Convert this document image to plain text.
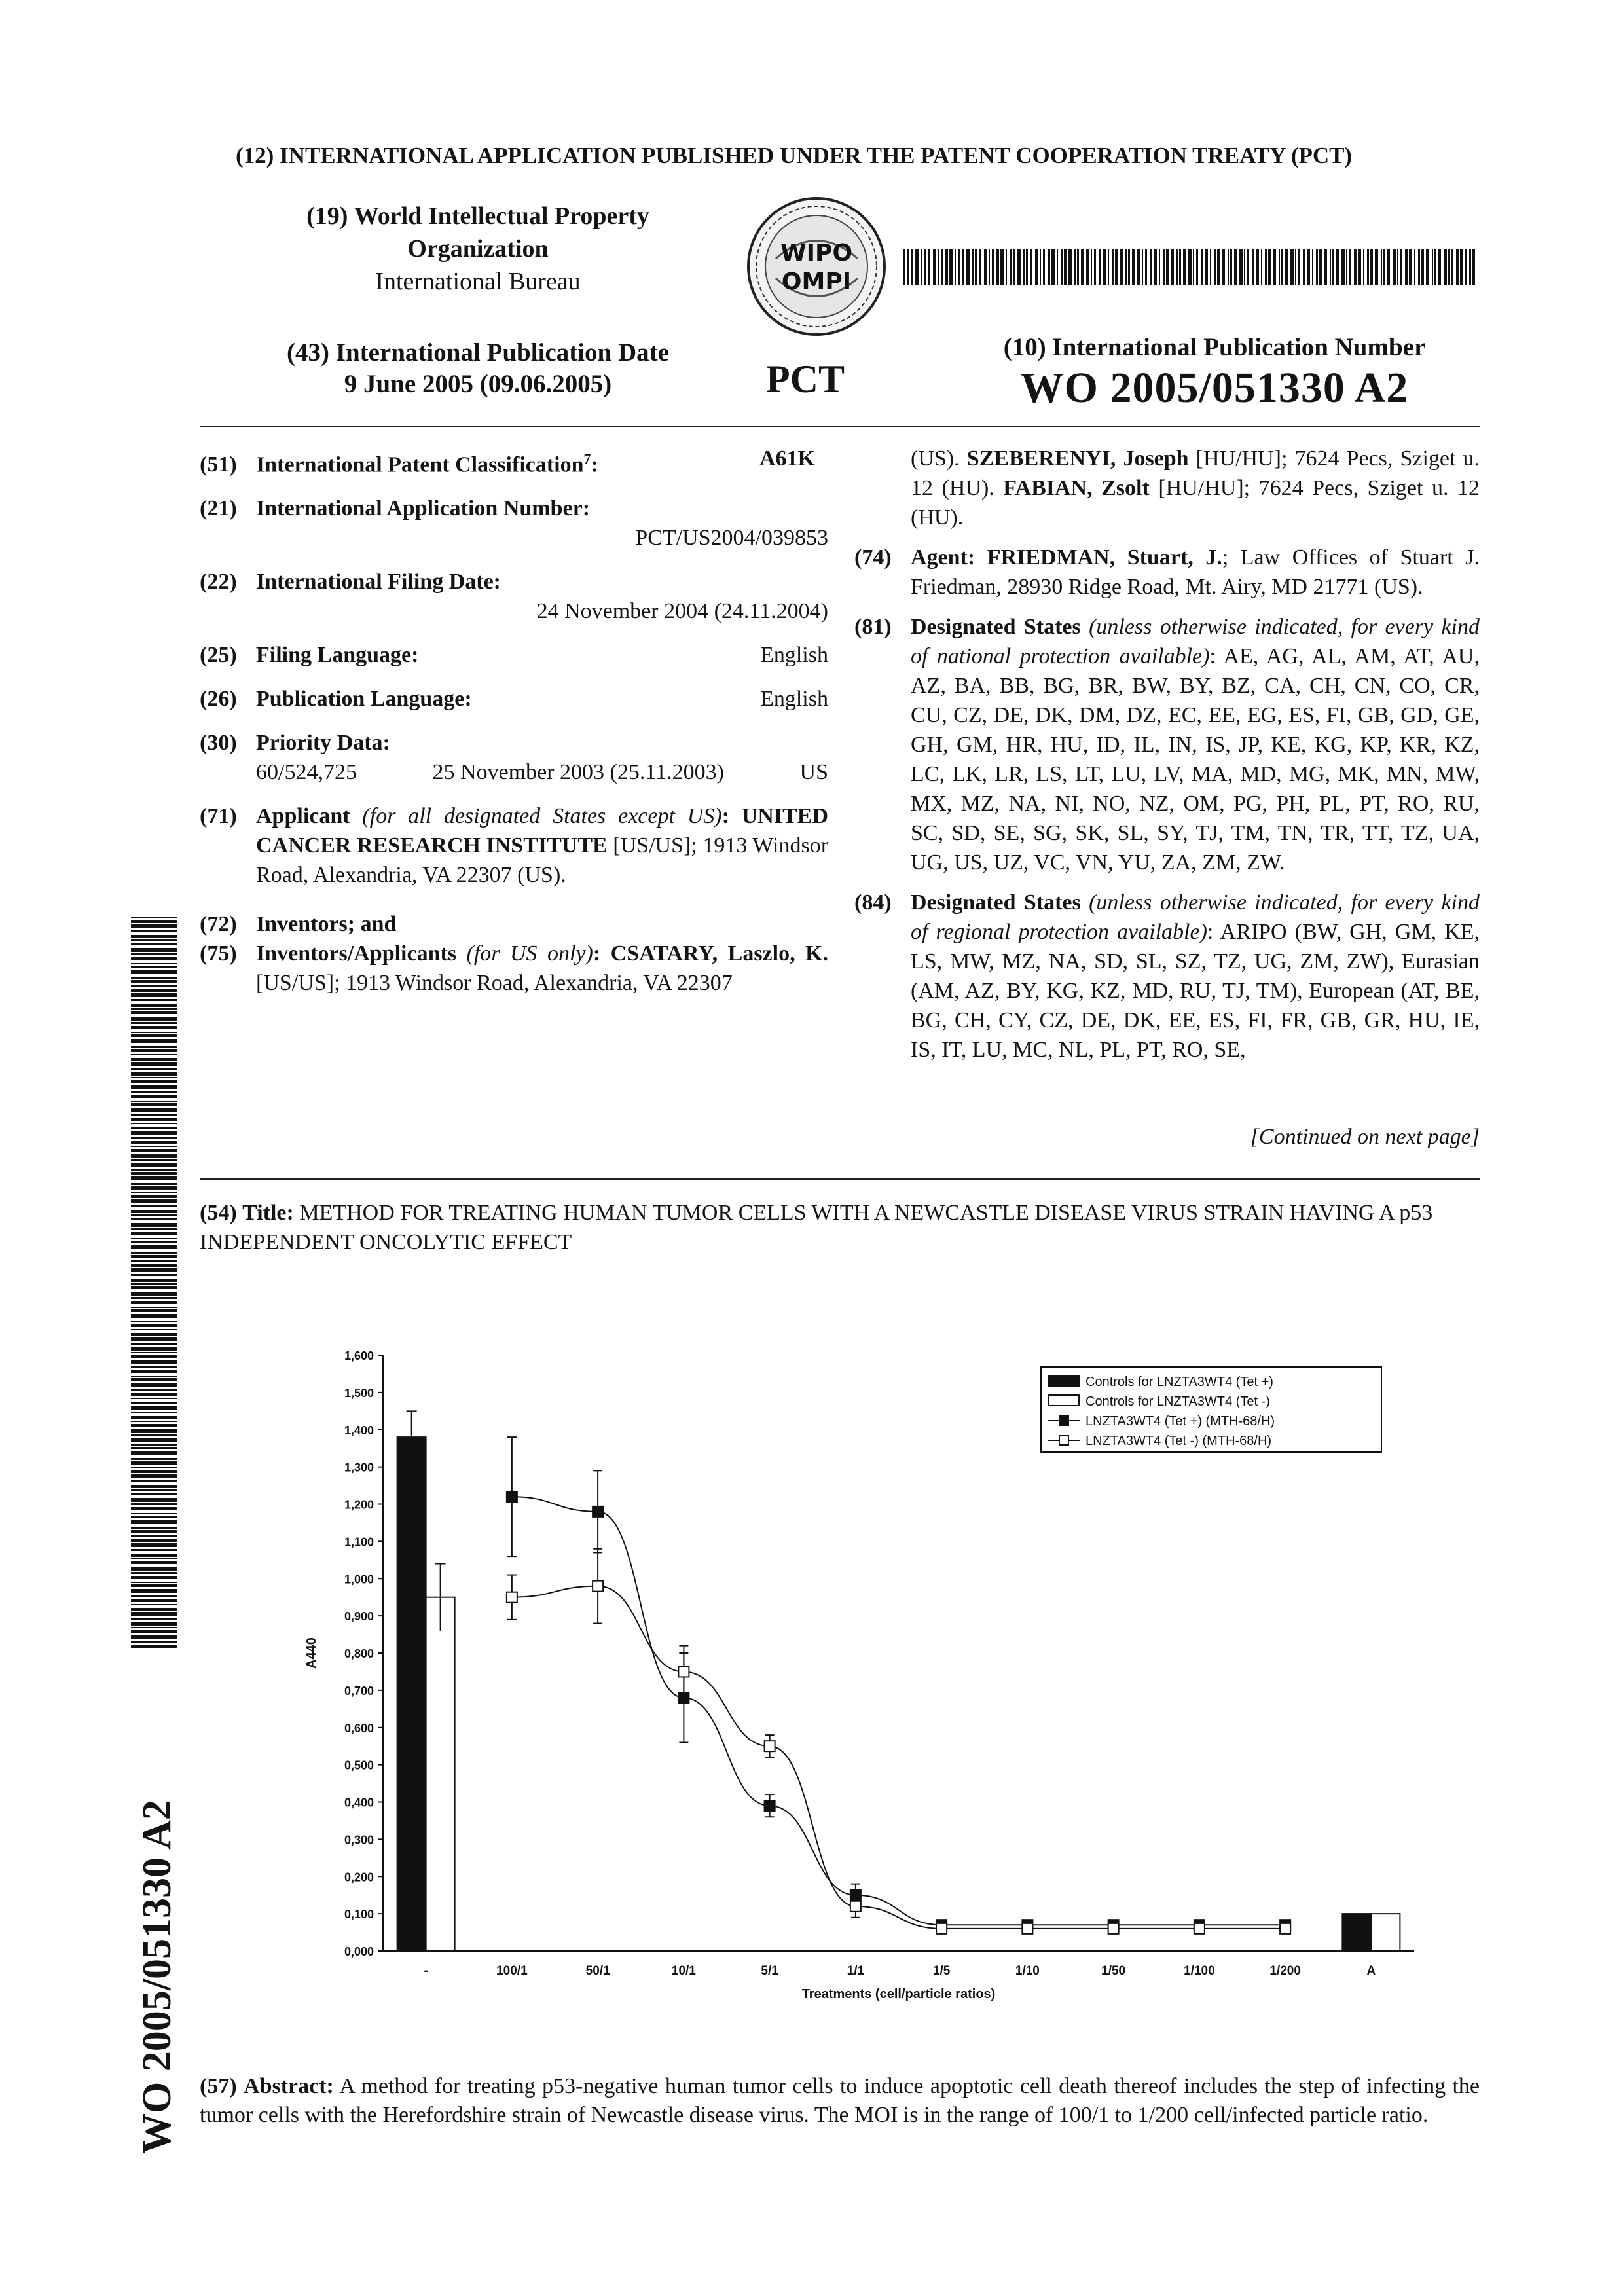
(12) INTERNATIONAL APPLICATION PUBLISHED UNDER THE PATENT COOPERATION TREATY (PCT)
(19) World Intellectual Property
Organization
International Bureau
WIPO
OMPI
(43) International Publication Date
9 June 2005 (09.06.2005)	PCT
(10) International Publication Number
WO 2005/051330 A2
(51) International Patent Classification$^7$:	A61K
(21) International Application Number:
PCT/US2004/039853
(22) International Filing Date:
24 November 2004 (24.11.2004)
(25) Filing Language:	English
(26) Publication Language:	English
(30) Priority Data:
60/524,725	25 November 2003 (25.11.2003)	US
(71) Applicant (for all designated States except US): UNITED CANCER RESEARCH INSTITUTE [US/US]; 1913 Windsor Road, Alexandria, VA 22307 (US).
(72) Inventors; and
(75) Inventors/Applicants (for US only): CSATARY, Laszlo, K. [US/US]; 1913 Windsor Road, Alexandria, VA 22307
(US). SZEBERENYI, Joseph [HU/HU]; 7624 Pecs, Sziget u. 12 (HU). FABIAN, Zsolt [HU/HU]; 7624 Pecs, Sziget u. 12 (HU).
(74) Agent: FRIEDMAN, Stuart, J.; Law Offices of Stuart J. Friedman, 28930 Ridge Road, Mt. Airy, MD 21771 (US).
(81) Designated States (unless otherwise indicated, for every kind of national protection available): AE, AG, AL, AM, AT, AU, AZ, BA, BB, BG, BR, BW, BY, BZ, CA, CH, CN, CO, CR, CU, CZ, DE, DK, DM, DZ, EC, EE, EG, ES, FI, GB, GD, GE, GH, GM, HR, HU, ID, IL, IN, IS, JP, KE, KG, KP, KR, KZ, LC, LK, LR, LS, LT, LU, LV, MA, MD, MG, MK, MN, MW, MX, MZ, NA, NI, NO, NZ, OM, PG, PH, PL, PT, RO, RU, SC, SD, SE, SG, SK, SL, SY, TJ, TM, TN, TR, TT, TZ, UA, UG, US, UZ, VC, VN, YU, ZA, ZM, ZW.
(84) Designated States (unless otherwise indicated, for every kind of regional protection available): ARIPO (BW, GH, GM, KE, LS, MW, MZ, NA, SD, SL, SZ, TZ, UG, ZM, ZW), Eurasian (AM, AZ, BY, KG, KZ, MD, RU, TJ, TM), European (AT, BE, BG, CH, CY, CZ, DE, DK, EE, ES, FI, FR, GB, GR, HU, IE, IS, IT, LU, MC, NL, PL, PT, RO, SE,
[Continued on next page]
(54) Title: METHOD FOR TREATING HUMAN TUMOR CELLS WITH A NEWCASTLE DISEASE VIRUS STRAIN HAVING A p53 INDEPENDENT ONCOLYTIC EFFECT
0,000
0,100
0,200
0,300
0,400
0,500
0,600
0,700
0,800
0,900
1,000
1,100
1,200
1,300
1,400
1,500
1,600
A440
-	100/1	50/1	10/1	5/1	1/1	1/5	1/10	1/50	1/100	1/200	A
Treatments (cell/particle ratios)
Controls for LNZTA3WT4 (Tet +)
Controls for LNZTA3WT4 (Tet -)
LNZTA3WT4 (Tet +) (MTH-68/H)
LNZTA3WT4 (Tet -) (MTH-68/H)
(57) Abstract: A method for treating p53-negative human tumor cells to induce apoptotic cell death thereof includes the step of infecting the tumor cells with the Herefordshire strain of Newcastle disease virus. The MOI is in the range of 100/1 to 1/200 cell/infected particle ratio.
WO 2005/051330 A2
